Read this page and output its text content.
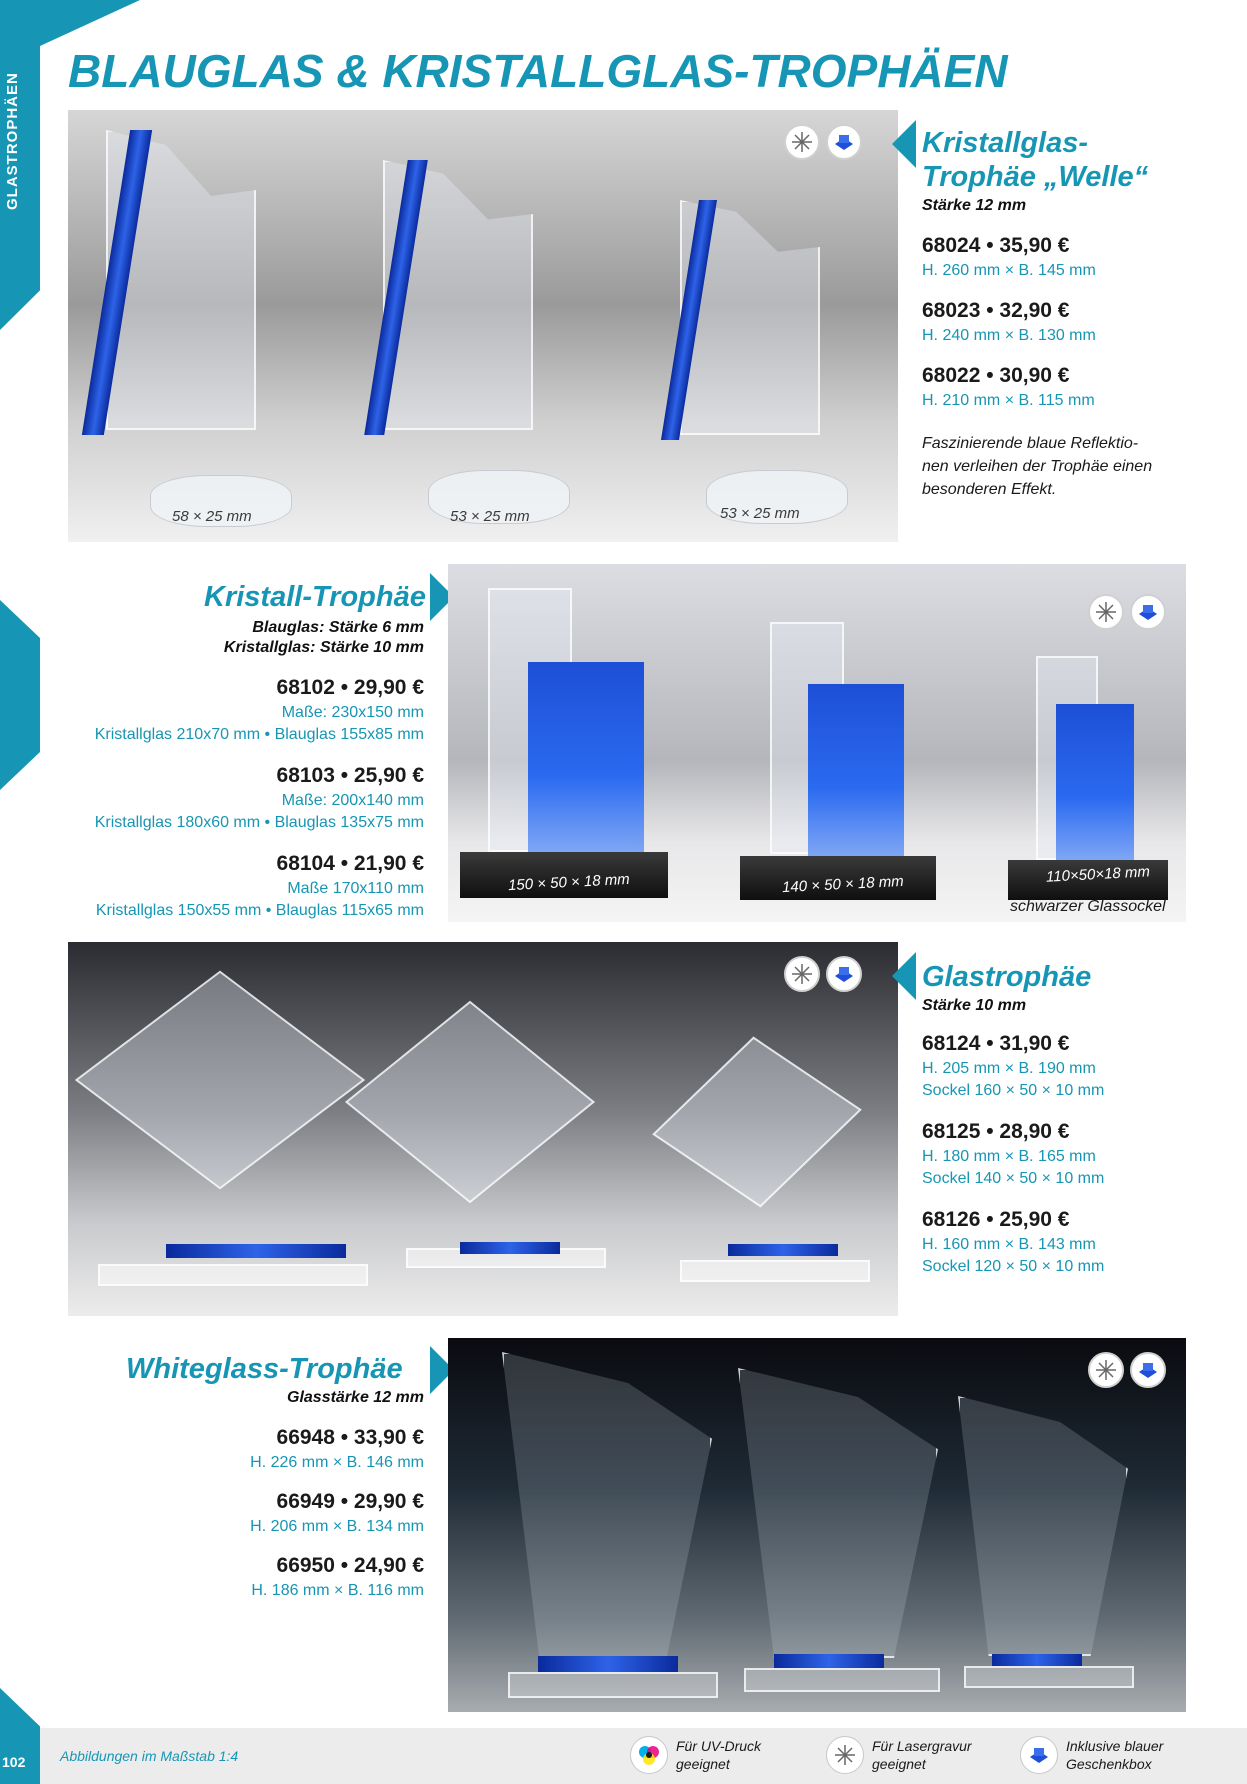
102
BLAUGLAS & KRISTALLGLAS-TROPHÄEN
58 × 25 mm	53 × 25 mm	53 × 25 mm
Kristallglas-
Trophäe „Welle“
Stärke 12 mm
68024 • 35,90 €
H. 260 mm × B. 145 mm
68023 • 32,90 €
H. 240 mm × B. 130 mm
68022 • 30,90 €
H. 210 mm × B. 115 mm
Faszinierende blaue Reflektio-
nen verleihen der Trophäe einen
besonderen Effekt.
Kristall-Trophäe
Blauglas: Stärke 6 mm
Kristallglas: Stärke 10 mm
68102 • 29,90 €
Maße: 230x150 mm
Kristallglas 210x70 mm • Blauglas 155x85 mm
68103 • 25,90 €
Maße: 200x140 mm
Kristallglas 180x60 mm • Blauglas 135x75 mm
68104 • 21,90 €
Maße 170x110 mm
Kristallglas 150x55 mm • Blauglas 115x65 mm
150 × 50 × 18 mm	140 × 50 × 18 mm	110×50×18 mm
schwarzer Glassockel
Glastrophäe
Stärke 10 mm
68124 • 31,90 €
H. 205 mm × B. 190 mm
Sockel 160 × 50 × 10 mm
68125 • 28,90 €
H. 180 mm × B. 165 mm
Sockel 140 × 50 × 10 mm
68126 • 25,90 €
H. 160 mm × B. 143 mm
Sockel 120 × 50 × 10 mm
Whiteglass-Trophäe
Glasstärke 12 mm
66948 • 33,90 €
H. 226 mm × B. 146 mm
66949 • 29,90 €
H. 206 mm × B. 134 mm
66950 • 24,90 €
H. 186 mm × B. 116 mm
Abbildungen im Maßstab 1:4
Für UV-Druck
geeignet
Für Lasergravur
geeignet
Inklusive blauer
Geschenkbox
